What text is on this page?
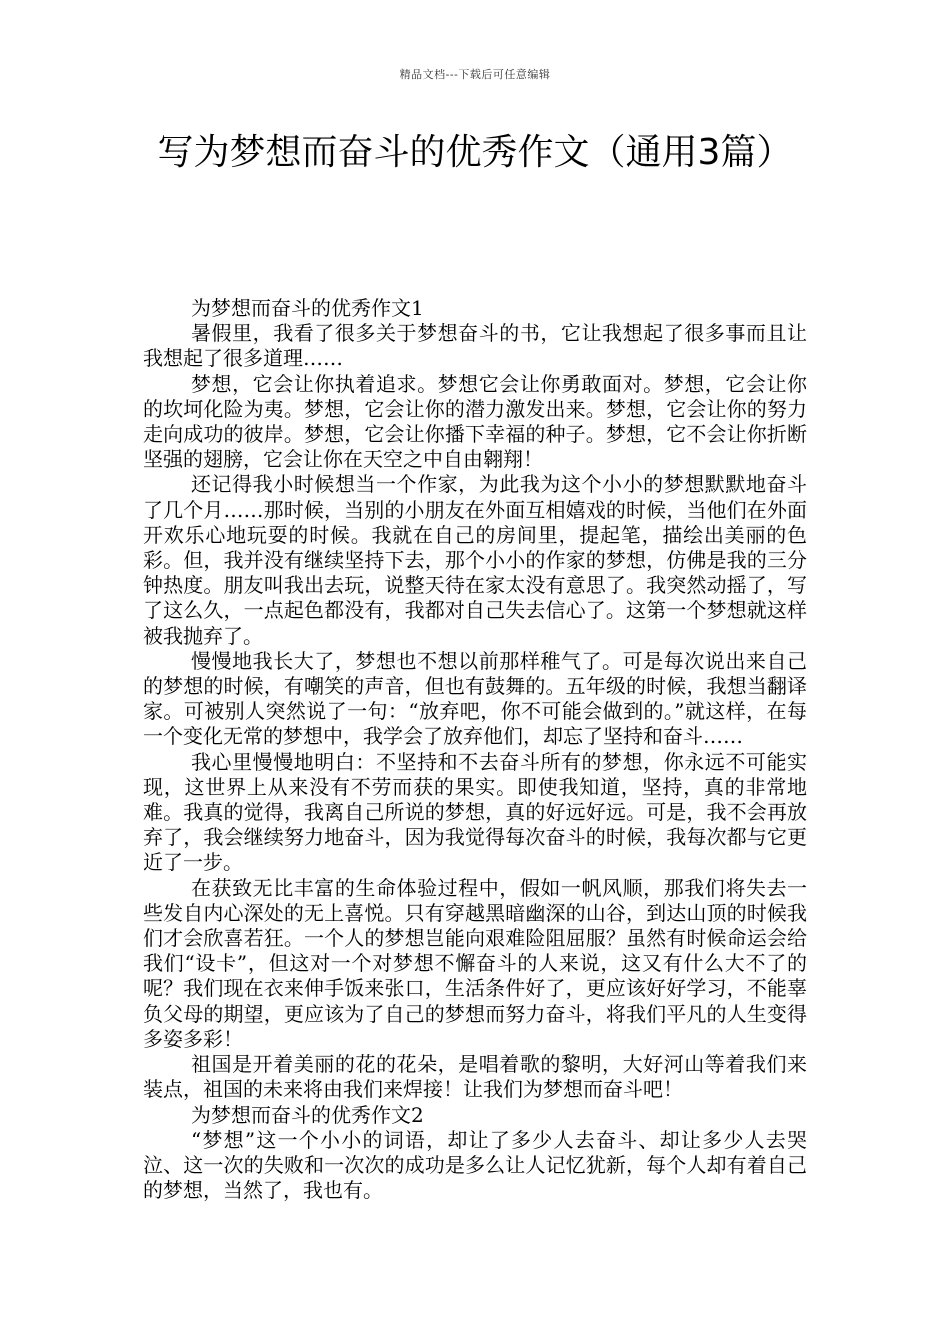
精品文档---下载后可任意编辑
写为梦想而奋斗的优秀作文（通用3篇）

为梦想而奋斗的优秀作文1

暑假里，我看了很多关于梦想奋斗的书，它让我想起了很多事而且让我想起了很多道理……

梦想，它会让你执着追求。梦想它会让你勇敢面对。梦想，它会让你的坎坷化险为夷。梦想，它会让你的潜力激发出来。梦想，它会让你的努力走向成功的彼岸。梦想，它会让你播下幸福的种子。梦想，它不会让你折断坚强的翅膀，它会让你在天空之中自由翱翔！

还记得我小时候想当一个作家，为此我为这个小小的梦想默默地奋斗了几个月……那时候，当别的小朋友在外面互相嬉戏的时候，当他们在外面开欢乐心地玩耍的时候。我就在自己的房间里，提起笔，描绘出美丽的色彩。但，我并没有继续坚持下去，那个小小的作家的梦想，仿佛是我的三分钟热度。朋友叫我出去玩，说整天待在家太没有意思了。我突然动摇了，写了这么久，一点起色都没有，我都对自己失去信心了。这第一个梦想就这样被我抛弃了。

慢慢地我长大了，梦想也不想以前那样稚气了。可是每次说出来自己的梦想的时候，有嘲笑的声音，但也有鼓舞的。五年级的时候，我想当翻译家。可被别人突然说了一句：“放弃吧，你不可能会做到的。”就这样，在每一个变化无常的梦想中，我学会了放弃他们，却忘了坚持和奋斗……

我心里慢慢地明白：不坚持和不去奋斗所有的梦想，你永远不可能实现，这世界上从来没有不劳而获的果实。即使我知道，坚持，真的非常地难。我真的觉得，我离自己所说的梦想，真的好远好远。可是，我不会再放弃了，我会继续努力地奋斗，因为我觉得每次奋斗的时候，我每次都与它更近了一步。

在获致无比丰富的生命体验过程中，假如一帆风顺，那我们将失去一些发自内心深处的无上喜悦。只有穿越黑暗幽深的山谷，到达山顶的时候我们才会欣喜若狂。一个人的梦想岂能向艰难险阻屈服？虽然有时候命运会给我们“设卡”，但这对一个对梦想不懈奋斗的人来说，这又有什么大不了的呢？我们现在衣来伸手饭来张口，生活条件好了，更应该好好学习，不能辜负父母的期望，更应该为了自己的梦想而努力奋斗，将我们平凡的人生变得多姿多彩！

祖国是开着美丽的花的花朵，是唱着歌的黎明，大好河山等着我们来装点，祖国的未来将由我们来焊接！让我们为梦想而奋斗吧！

为梦想而奋斗的优秀作文2

“梦想”这一个小小的词语，却让了多少人去奋斗、却让多少人去哭泣、这一次的失败和一次次的成功是多么让人记忆犹新，每个人却有着自己的梦想，当然了，我也有。
